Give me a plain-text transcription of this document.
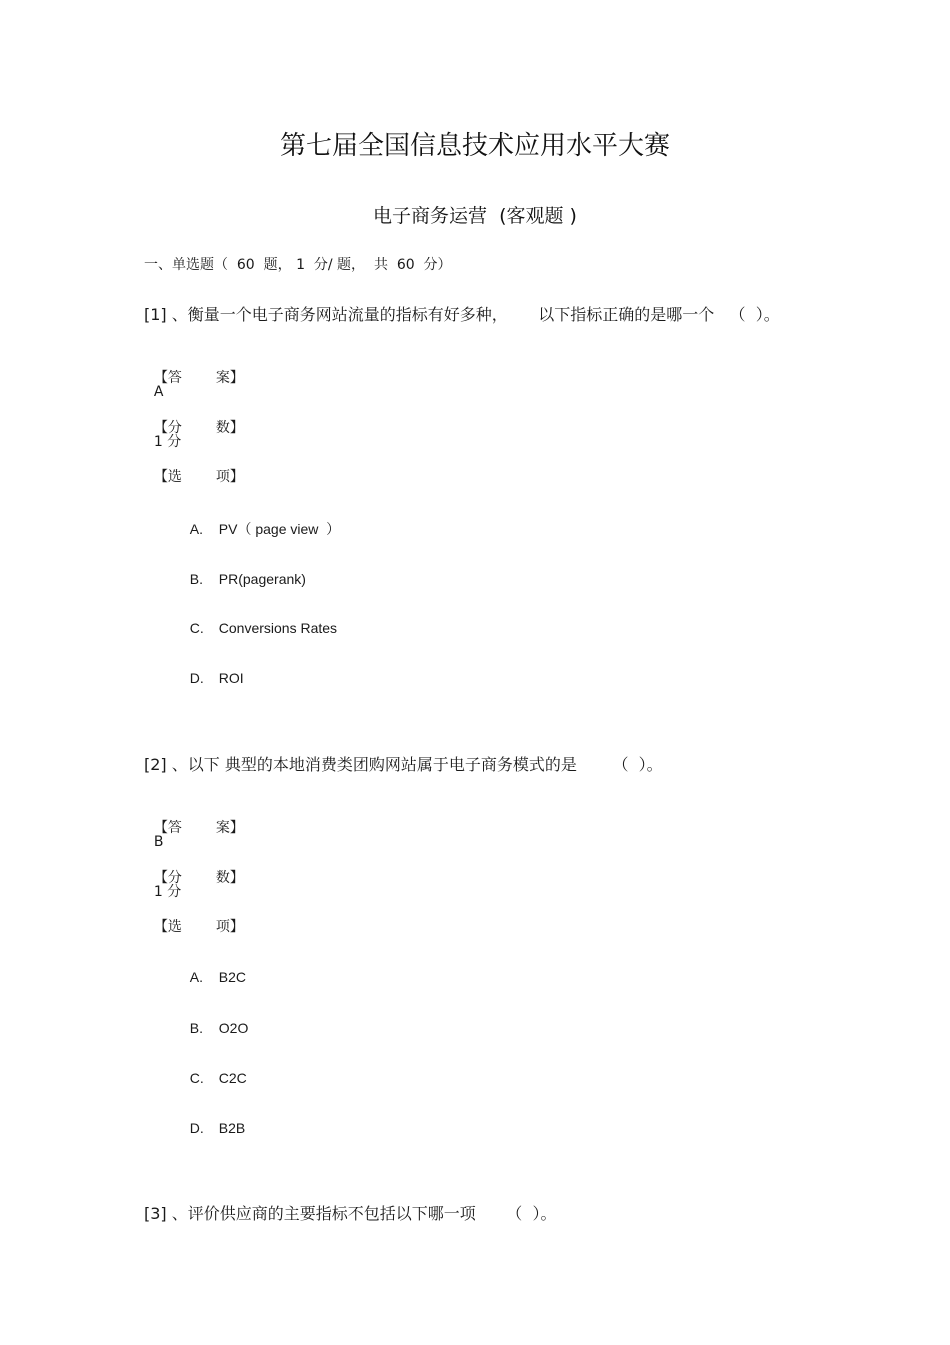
第七届全国信息技术应用水平大赛
电子商务运营  (客观题 )
一、单选题（  60  题， 1  分/ 题，  共  60  分）
[1] 、衡量一个电子商务网站流量的指标有好多种，      以下指标正确的是哪一个   （  ）。

【答 案】
A

【分 数】
1 分

【选 项】

A. PV（ page view  ）

B. PR(pagerank)

C. Conversions Rates

D. ROI

[2] 、以下 典型的本地消费类团购网站属于电子商务模式的是       （  ）。

【答 案】
B

【分 数】
1 分

【选 项】

A. B2C

B. O2O

C. C2C

D. B2B

[3] 、评价供应商的主要指标不包括以下哪一项      （  ）。
